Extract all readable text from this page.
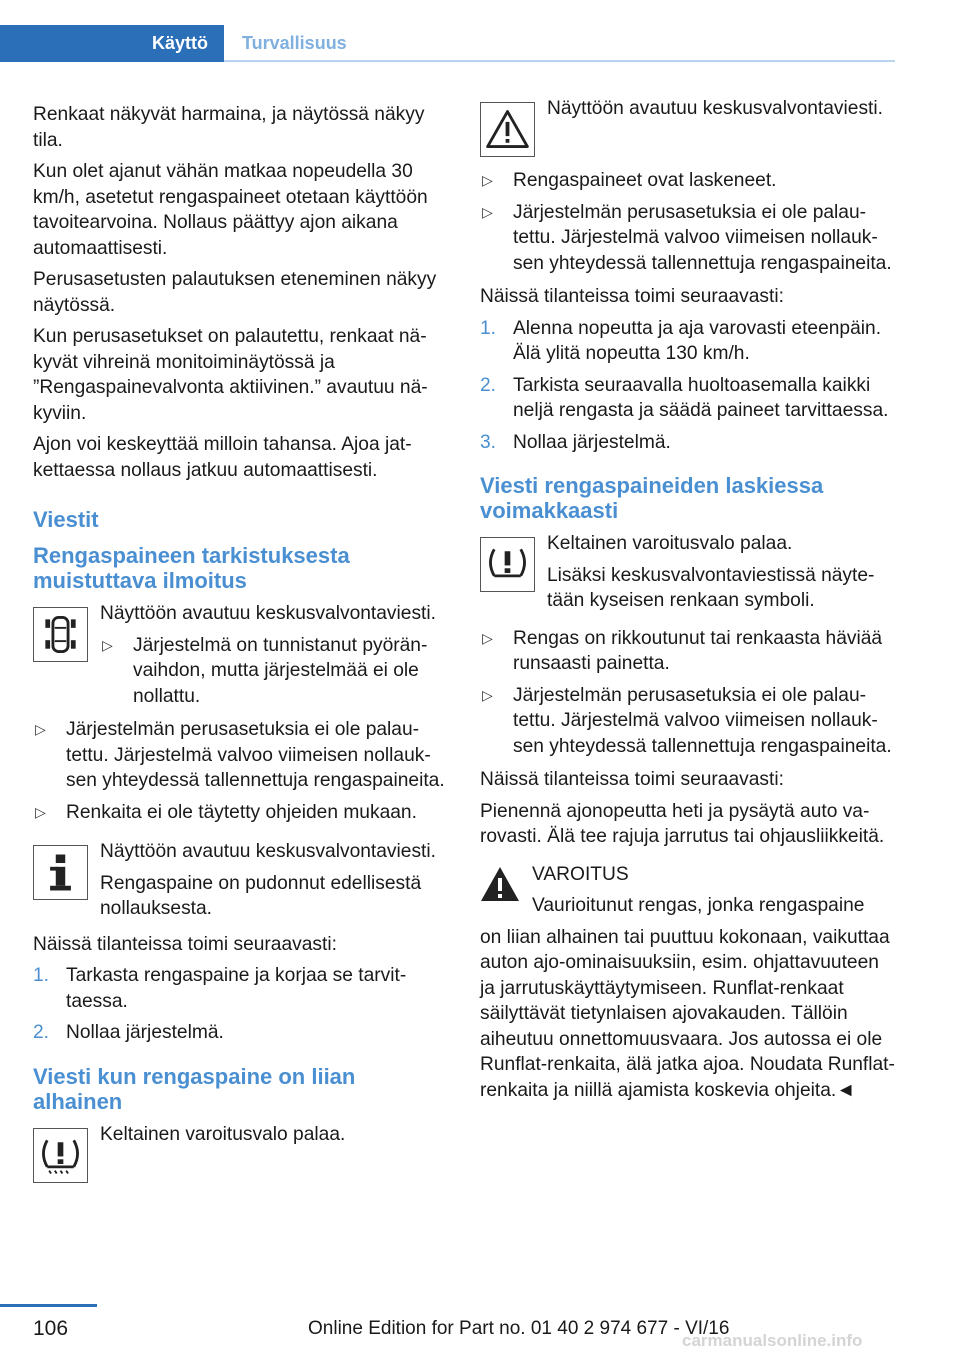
Käyttö	Turvallisuus

Renkaat näkyvät harmaina, ja näytössä näkyy tila.

Kun olet ajanut vähän matkaa nopeudella 30 km/h, asetetut rengaspaineet otetaan käyttöön tavoitearvoina. Nollaus päättyy ajon aikana automaattisesti.

Perusasetusten palautuksen eteneminen näkyy näytössä.

Kun perusasetukset on palautettu, renkaat näkyvät vihreinä monitoiminäytössä ja ”Rengaspainevalvonta aktiivinen.” avautuu näkyviin.

Ajon voi keskeyttää milloin tahansa. Ajoa jatkettaessa nollaus jatkuu automaattisesti.

Viestit
Rengaspaineen tarkistuksesta muistuttava ilmoitus

Näyttöön avautuu keskusvalvontaviesti.

▷ Järjestelmä on tunnistanut pyöränvaihdon, mutta järjestelmää ei ole nollattu.
▷ Järjestelmän perusasetuksia ei ole palautettu. Järjestelmä valvoo viimeisen nollauksen yhteydessä tallennettuja rengaspaineita.
▷ Renkaita ei ole täytetty ohjeiden mukaan.

Näyttöön avautuu keskusvalvontaviesti.

Rengaspaine on pudonnut edellisestä nollauksesta.

Näissä tilanteissa toimi seuraavasti:

1. Tarkasta rengaspaine ja korjaa se tarvittaessa.
2. Nollaa järjestelmä.
Viesti kun rengaspaine on liian alhainen

Keltainen varoitusvalo palaa.

Näyttöön avautuu keskusvalvontaviesti.

▷ Rengaspaineet ovat laskeneet.
▷ Järjestelmän perusasetuksia ei ole palautettu. Järjestelmä valvoo viimeisen nollauksen yhteydessä tallennettuja rengaspaineita.

Näissä tilanteissa toimi seuraavasti:

1. Alenna nopeutta ja aja varovasti eteenpäin. Älä ylitä nopeutta 130 km/h.
2. Tarkista seuraavalla huoltoasemalla kaikki neljä rengasta ja säädä paineet tarvittaessa.
3. Nollaa järjestelmä.
Viesti rengaspaineiden laskiessa voimakkaasti

Keltainen varoitusvalo palaa.

Lisäksi keskusvalvontaviestissä näytetään kyseisen renkaan symboli.

▷ Rengas on rikkoutunut tai renkaasta häviää runsaasti painetta.
▷ Järjestelmän perusasetuksia ei ole palautettu. Järjestelmä valvoo viimeisen nollauksen yhteydessä tallennettuja rengaspaineita.

Näissä tilanteissa toimi seuraavasti:

Pienennä ajonopeutta heti ja pysäytä auto varovasti. Älä tee rajuja jarrutus tai ohjausliikkeitä.

VAROITUS

Vaurioitunut rengas, jonka rengaspaine

on liian alhainen tai puuttuu kokonaan, vaikuttaa auton ajo-ominaisuuksiin, esim. ohjattavuuteen ja jarrutuskäyttäytymiseen. Runflat-renkaat säilyttävät tietynlaisen ajovakauden. Tällöin aiheutuu onnettomuusvaara. Jos autossa ei ole Runflat-renkaita, älä jatka ajoa. Noudata Runflat-renkaita ja niillä ajamista koskevia ohjeita.◄

106	Online Edition for Part no. 01 40 2 974 677 - VI/16
carmanualsonline.info
